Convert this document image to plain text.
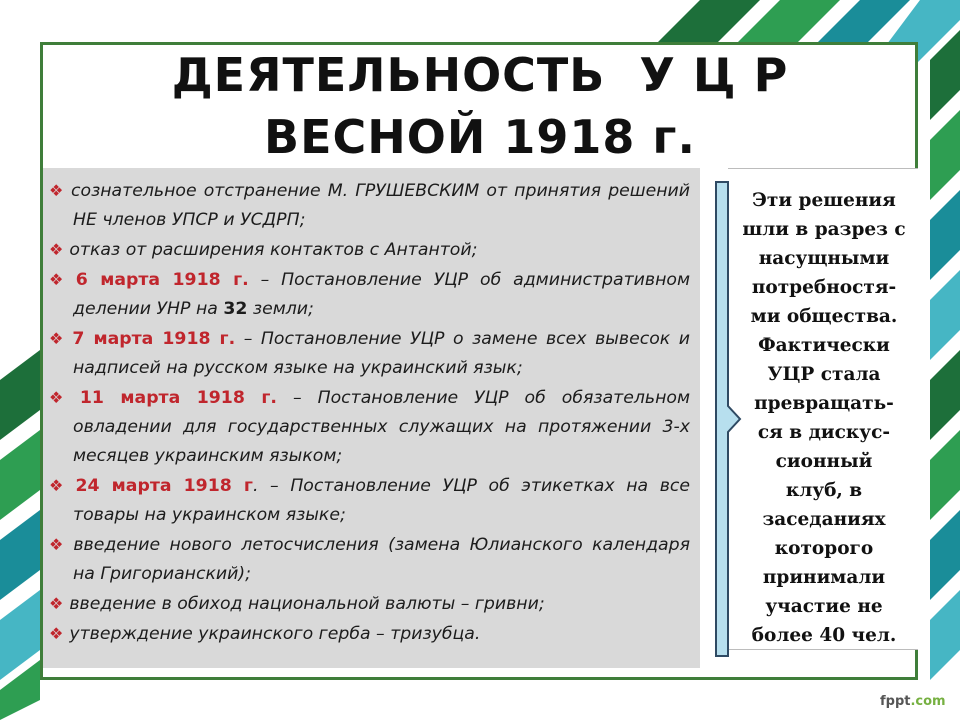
ДЕЯТЕЛЬНОСТЬ  У Ц Р
ВЕСНОЙ 1918 г.
❖ сознательное отстранение М. ГРУШЕВСКИМ от принятия решений НЕ членов УПСР и УСДРП;
❖ отказ от расширения контактов с Антантой;
❖ 6 марта 1918 г. – Постановление УЦР об административном делении УНР на 32 земли;
❖ 7 марта 1918 г. – Постановление УЦР о замене всех вывесок и надписей на русском языке на украинский язык;
❖ 11 марта 1918 г. – Постановление УЦР об обязательном овладении для государственных служащих на протяжении 3-х месяцев украинским языком;
❖ 24 марта 1918 г. – Постановление УЦР об этикетках на все товары на украинском языке;
❖ введение нового летосчисления (замена Юлианского календаря на Григорианский);
❖ введение в обиход национальной валюты – гривни;
❖ утверждение украинского герба – тризубца.
Эти решения
шли в разрез с
насущными
потребностя-
ми общества.
Фактически
УЦР стала
превращать-
ся в дискус-
сионный
клуб, в
заседаниях
которого
принимали
участие не
более 40 чел.
fppt.com
